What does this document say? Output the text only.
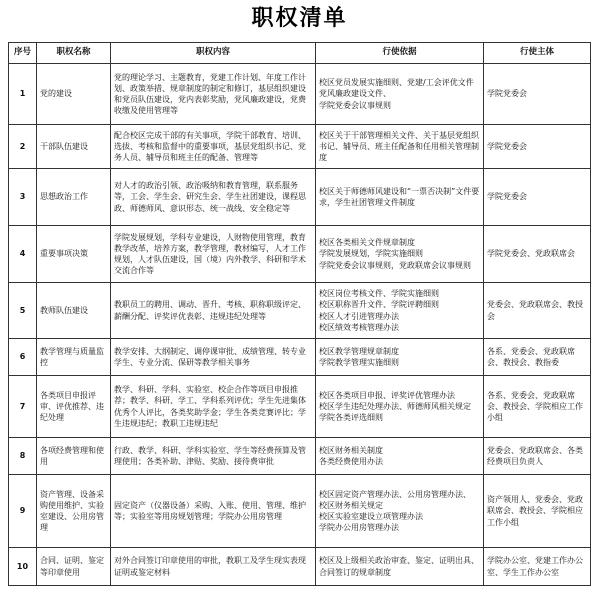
职权清单
序号	职权名称	职权内容	行使依据	行使主体
1	党的建设	党的理论学习、主题教育，党建工作计划、年度工作计划、政策举措、规章制度的制定和修订，基层组织建设和党员队伍建设，党内表彰奖励，党风廉政建设，党费收缴及使用管理等	校区党员发展实施细则、党建/工会评优文件
党风廉政建设文件、
学院党委会议事规则	学院党委会
2	干部队伍建设	配合校区完成干部的有关事项，学院干部教育、培训、选拔、考核和监督中的重要事项，基层党组织书记、党务人员、辅导员和班主任的配备、管理等	校区关于干部管理相关文件、关于基层党组织书记、辅导员、班主任配备和任用相关管理制度	学院党委会
3	思想政治工作	对人才的政治引领、政治吸纳和教育管理，联系服务等，工会、学生会、研究生会、学生社团建设，课程思政、师德师风、意识形态、统一战线、安全稳定等	校区关于师德师风建设和“一票否决制”文件要求，学生社团管理文件制度	学院党委会
4	重要事项决策	学院发展规划，学科专业建设，人财物使用管理，教育教学改革，培养方案，教学管理，教材编写，人才工作规划，人才队伍建设，国（境）内外教学、科研和学术交流合作等	校区各类相关文件规章制度
学院发展规划，学院实施细则
学院党委会议事规则，党政联席会议事规则	学院党委会、党政联席会
5	教师队伍建设	教职员工的聘用、调动、晋升、考核、职称职级评定、薪酬分配、评奖评优表彰、违规违纪处理等	校区岗位考核文件、学院实施细则
校区职称晋升文件、学院评聘细则
校区人才引进管理办法
校区绩效考核管理办法	党委会、党政联席会、教授会
6	教学管理与质量监控	教学安排、大纲制定、调停课审批、成绩管理、转专业学生、专业分流、保研等教学相关事务	校区教学管理规章制度
学院教学管理实施细则	各系、党委会、党政联席会、教授会、教指委
7	各类项目申报评审、评优推荐、违纪处理	教学、科研、学科、实验室、校企合作等项目申报推荐；教学、科研、学工、学科系列评优；学生先进集体优秀个人评比，各类奖助学金；学生各类竞赛评比；学生违规违纪；教职工违规违纪	校区各类项目申报、评奖评优管理办法
校区学生违纪处理办法、师德师风相关规定
学院各类评选细则	各系、党委会、党政联席会、教授会、学院相应工作小组
8	各项经费管理和使用	行政、教学、科研、学科实验室、学生等经费预算及管理使用；各类补助、津贴、奖励、接待费审批	校区财务相关制度
各类经费使用办法	党委会、党政联席会、各类经费项目负责人
9	资产管理、设备采购使用维护、实验室建设、公用房管理	固定资产（仪器设备）采购、入账、使用、管理、维护等；实验室等用房规划管理；学院办公用房管理	校区固定资产管理办法、公用房管理办法、
校区财务相关规定
校区实验室建设立项管理办法
学院办公用房管理办法	资产领用人、党委会、党政联席会、教授会、学院相应工作小组
10	合同、证明、鉴定等印章使用	对外合同签订印章使用的审批，教职工及学生现实表现证明或鉴定材料	校区及上级相关政治审查、鉴定、证明出具、合同签订的规章制度	学院办公室、党建工作办公室、学生工作办公室
